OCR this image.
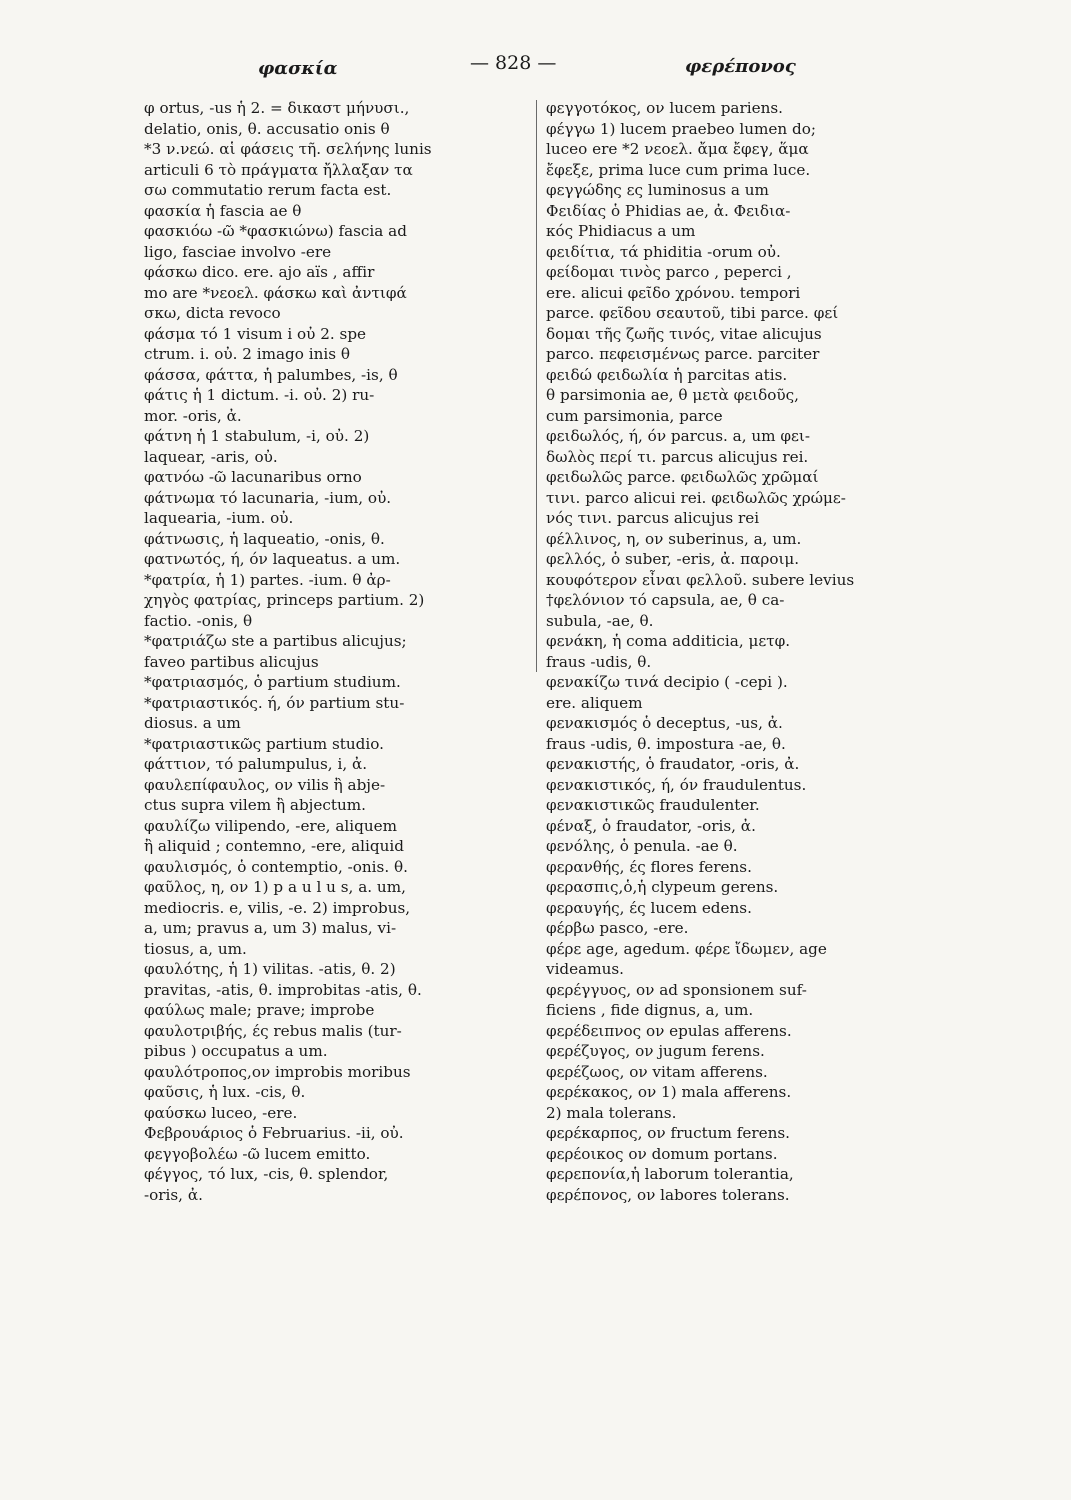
φασκία	— 828 —	φερέπονος
φ ortus, -us ἡ 2. = δικαστ μήνυσι.,
delatio, onis, θ. accusatio onis θ
*3 ν.νεώ. αἱ φάσεις τῆ. σελήνης lunis
articuli 6 τὸ πράγματα ἤλλαξαν τα
σω commutatio rerum facta est.
φασκία ἡ fascia ae θ
φασκιόω -ῶ *φασκιώνω) fascia ad
ligo, fasciae involvo -ere
φάσκω dico. ere. ajo aïs , affir
mo are *νεοελ. φάσκω καὶ ἀντιφά
σκω, dicta revoco
φάσμα τό 1 visum i οὐ 2. spe
ctrum. i. οὐ. 2 imago inis θ
φάσσα, φάττα, ἡ palumbes, -is, θ
φάτις ἡ 1 dictum. -i. οὐ. 2) ru-
mor. -oris, ἀ.
φάτνη ἡ 1 stabulum, -i, οὐ. 2)
laquear, -aris, οὐ.
φατνόω -ῶ lacunaribus orno
φάτνωμα τό lacunaria, -ium, οὐ.
laquearia, -ium. οὐ.
φάτνωσις, ἡ laqueatio, -onis, θ.
φατνωτός, ή, όν laqueatus. a um.
*φατρία, ἡ 1) partes. -ium. θ ἀρ-
χηγὸς φατρίας, princeps partium. 2)
factio. -onis, θ
*φατριάζω ste a partibus alicujus;
faveo partibus alicujus
*φατριασμός, ὁ partium studium.
*φατριαστικός. ή, όν partium stu-
diosus. a um
*φατριαστικῶς partium studio.
φάττιον, τό palumpulus, i, ἀ.
φαυλεπίφαυλος, ον vilis ἢ abje-
ctus supra vilem ἢ abjectum.
φαυλίζω vilipendo, -ere, aliquem
ἢ aliquid ; contemno, -ere, aliquid
φαυλισμός, ὁ contemptio, -onis. θ.
φαῦλος, η, ον 1) p a u l u s, a. um,
mediocris. e, vilis, -e. 2) improbus,
a, um; pravus a, um 3) malus, vi-
tiosus, a, um.
φαυλότης, ἡ 1) vilitas. -atis, θ. 2)
pravitas, -atis, θ. improbitas -atis, θ.
φαύλως male; prave; improbe
φαυλοτριβής, ές rebus malis (tur-
pibus ) occupatus a um.
φαυλότροπος,ον improbis moribus
φαῦσις, ἡ lux. -cis, θ.
φαύσκω luceo, -ere.
Φεβρουάριος ὁ Februarius. -ii, οὐ.
φεγγοβολέω -ῶ lucem emitto.
φέγγος, τό lux, -cis, θ. splendor,
-oris, ἀ.
φεγγοτόκος, ον lucem pariens.
φέγγω 1) lucem praebeo lumen do;
luceo ere *2 νεοελ. ἄμα ἔφεγ, ἅμα
ἔφεξε, prima luce cum prima luce.
φεγγώδης ες luminosus a um
Φειδίας ὁ Phidias ae, ἀ. Φειδια-
κός Phidiacus a um
φειδίτια, τά phiditia -orum οὐ.
φείδομαι τινὸς parco , peperci ,
ere. alicui φεῖδο χρόνου. tempori
parce. φεῖδου σεαυτοῦ, tibi parce. φεί
δομαι τῆς ζωῆς τινός, vitae alicujus
parco. πεφεισμένως parce. parciter
φειδώ φειδωλία ἡ parcitas atis.
θ parsimonia ae, θ μετὰ φειδοῦς,
cum parsimonia, parce
φειδωλός, ή, όν parcus. a, um φει-
δωλὸς περί τι. parcus alicujus rei.
φειδωλῶς parce. φειδωλῶς χρῶμαί
τινι. parco alicui rei. φειδωλῶς χρώμε-
νός τινι. parcus alicujus rei
φέλλινος, η, ον suberinus, a, um.
φελλός, ὁ suber, -eris, ἀ. παροιμ.
κουφότερον εἶναι φελλοῦ. subere levius
†φελόνιον τό capsula, ae, θ ca-
subula, -ae, θ.
φενάκη, ἡ coma additicia, μετφ.
fraus -udis, θ.
φενακίζω τινά decipio ( -cepi ).
ere. aliquem
φενακισμός ὁ deceptus, -us, ἀ.
fraus -udis, θ. impostura -ae, θ.
φενακιστής, ὁ fraudator, -oris, ἀ.
φενακιστικός, ή, όν fraudulentus.
φενακιστικῶς fraudulenter.
φέναξ, ὁ fraudator, -oris, ἀ.
φενόλης, ὁ penula. -ae θ.
φερανθής, ές flores ferens.
φερασπις,ὁ,ἡ clypeum gerens.
φεραυγής, ές lucem edens.
φέρβω pasco, -ere.
φέρε age, agedum. φέρε ἴδωμεν, age
videamus.
φερέγγυος, ον ad sponsionem suf-
ficiens , fide dignus, a, um.
φερέδειπνος ον epulas afferens.
φερέζυγος, ον jugum ferens.
φερέζωος, ον vitam afferens.
φερέκακος, ον 1) mala afferens.
2) mala tolerans.
φερέκαρπος, ον fructum ferens.
φερέοικος ον domum portans.
φερεπονία,ἡ laborum tolerantia,
φερέπονος, ον labores tolerans.
